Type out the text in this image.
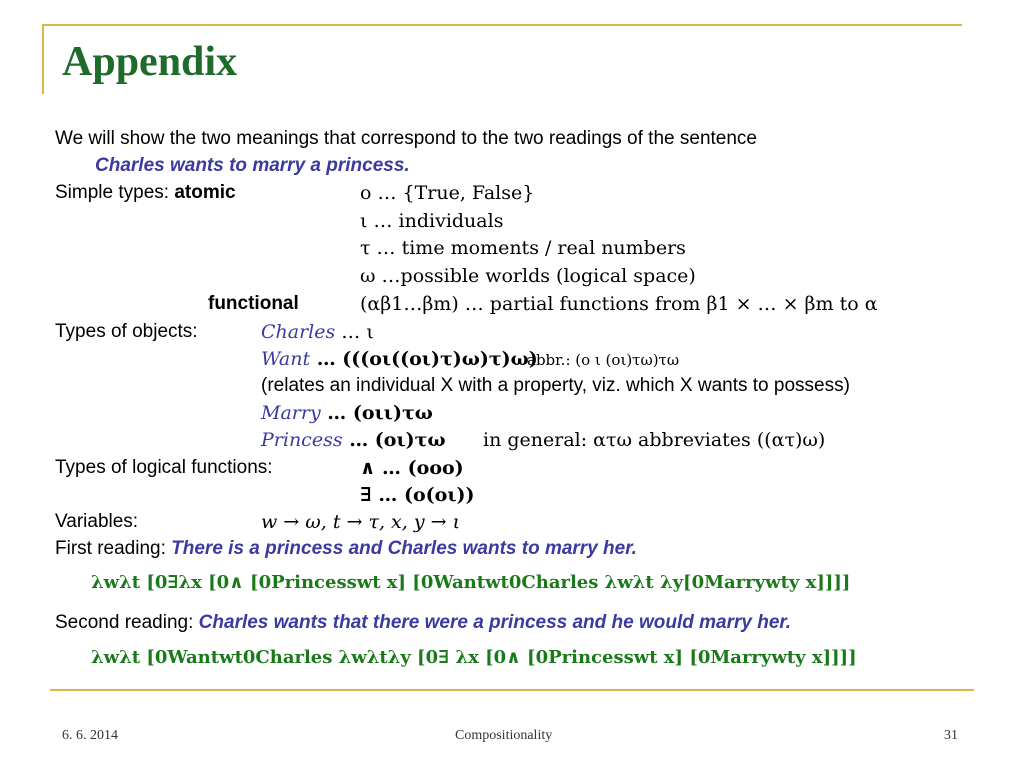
Appendix
We will show the two meanings that correspond to the two readings of the sentence
Charles wants to marry a princess.
Simple types: atomic	o … {True, False}
ι … individuals
τ … time moments / real numbers
ω …possible worlds (logical space)
functional	(αβ1…βm) … partial functions from β1 × … × βm to α
Types of objects:	Charles … ι
Want … (((οι((οι)τ)ω)τ)ω)
abbr.: (ο ι (οι)τω)τω
(relates an individual X with a property, viz. which X wants to possess)
Marry … (οιι)τω
Princess … (οι)τω in general: ατω abbreviates ((ατ)ω)
Types of logical functions:	∧ … (οοο)
∃ … (ο(οι))
Variables:	w → ω, t → τ, x, y → ι
First reading: There is a princess and Charles wants to marry her.
λwλt [0∃λx [0∧ [0Princesswt x] [0Wantwt0Charles λwλt λy[0Marrywty x]]]]
Second reading: Charles wants that there were a princess and he would marry her.
λwλt [0Wantwt0Charles λwλtλy [0∃ λx [0∧ [0Princesswt x] [0Marrywty x]]]]
6. 6. 2014	Compositionality	31
